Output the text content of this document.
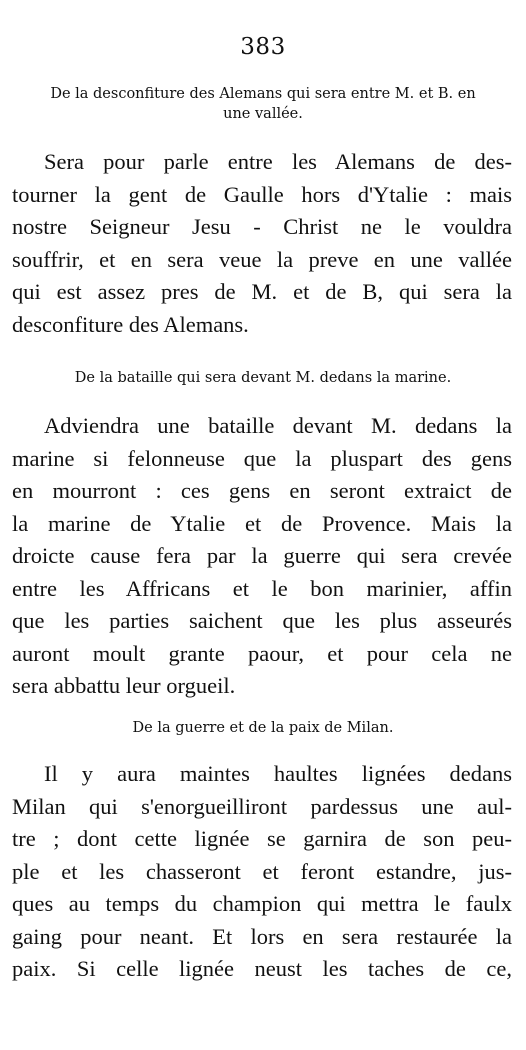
383
De la desconfiture des Alemans qui sera entre M. et B. en
une vallée.
Sera pour parle entre les Alemans de des-
tourner la gent de Gaulle hors d'Ytalie : mais
nostre Seigneur Jesu - Christ ne le vouldra
souffrir, et en sera veue la preve en une vallée
qui est assez pres de M. et de B, qui sera la
desconfiture des Alemans.
De la bataille qui sera devant M. dedans la marine.
Adviendra une bataille devant M. dedans la
marine si felonneuse que la pluspart des gens
en mourront : ces gens en seront extraict de
la marine de Ytalie et de Provence. Mais la
droicte cause fera par la guerre qui sera crevée
entre les Affricans et le bon marinier, affin
que les parties saichent que les plus asseurés
auront moult grante paour, et pour cela ne
sera abbattu leur orgueil.
De la guerre et de la paix de Milan.
Il y aura maintes haultes lignées dedans
Milan qui s'enorgueilliront pardessus une aul-
tre ; dont cette lignée se garnira de son peu-
ple et les chasseront et feront estandre, jus-
ques au temps du champion qui mettra le faulx
gaing pour neant. Et lors en sera restaurée la
paix. Si celle lignée neust les taches de ce,
